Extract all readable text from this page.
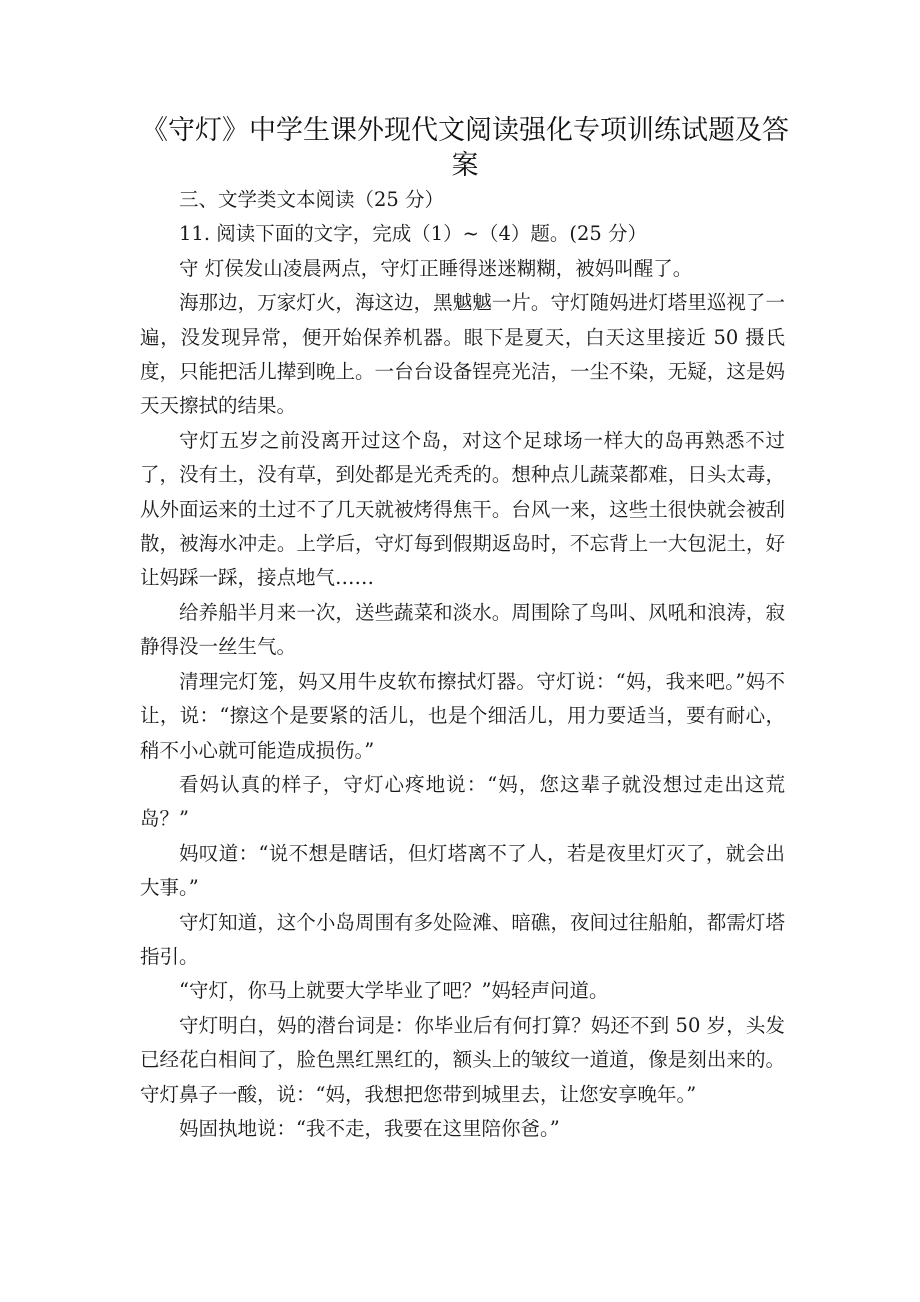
《守灯》中学生课外现代文阅读强化专项训练试题及答案

三、文学类文本阅读（25 分）

11. 阅读下面的文字，完成（1）~（4）题。(25 分）

守 灯侯发山凌晨两点，守灯正睡得迷迷糊糊，被妈叫醒了。

海那边，万家灯火，海这边，黑魆魆一片。守灯随妈进灯塔里巡视了一遍，没发现异常，便开始保养机器。眼下是夏天，白天这里接近 50 摄氏度，只能把活儿撵到晚上。一台台设备锃亮光洁，一尘不染，无疑，这是妈天天擦拭的结果。

守灯五岁之前没离开过这个岛，对这个足球场一样大的岛再熟悉不过了，没有土，没有草，到处都是光秃秃的。想种点儿蔬菜都难，日头太毒，从外面运来的土过不了几天就被烤得焦干。台风一来，这些土很快就会被刮散，被海水冲走。上学后，守灯每到假期返岛时，不忘背上一大包泥土，好让妈踩一踩，接点地气……

给养船半月来一次，送些蔬菜和淡水。周围除了鸟叫、风吼和浪涛，寂静得没一丝生气。

清理完灯笼，妈又用牛皮软布擦拭灯器。守灯说：“妈，我来吧。”妈不让，说：“擦这个是要紧的活儿，也是个细活儿，用力要适当，要有耐心，稍不小心就可能造成损伤。”

看妈认真的样子，守灯心疼地说：“妈，您这辈子就没想过走出这荒岛？”

妈叹道：“说不想是瞎话，但灯塔离不了人，若是夜里灯灭了，就会出大事。”

守灯知道，这个小岛周围有多处险滩、暗礁，夜间过往船舶，都需灯塔指引。

“守灯，你马上就要大学毕业了吧？”妈轻声问道。

守灯明白，妈的潜台词是：你毕业后有何打算？妈还不到 50 岁，头发已经花白相间了，脸色黑红黑红的，额头上的皱纹一道道，像是刻出来的。守灯鼻子一酸，说：“妈，我想把您带到城里去，让您安享晚年。”

妈固执地说：“我不走，我要在这里陪你爸。”
